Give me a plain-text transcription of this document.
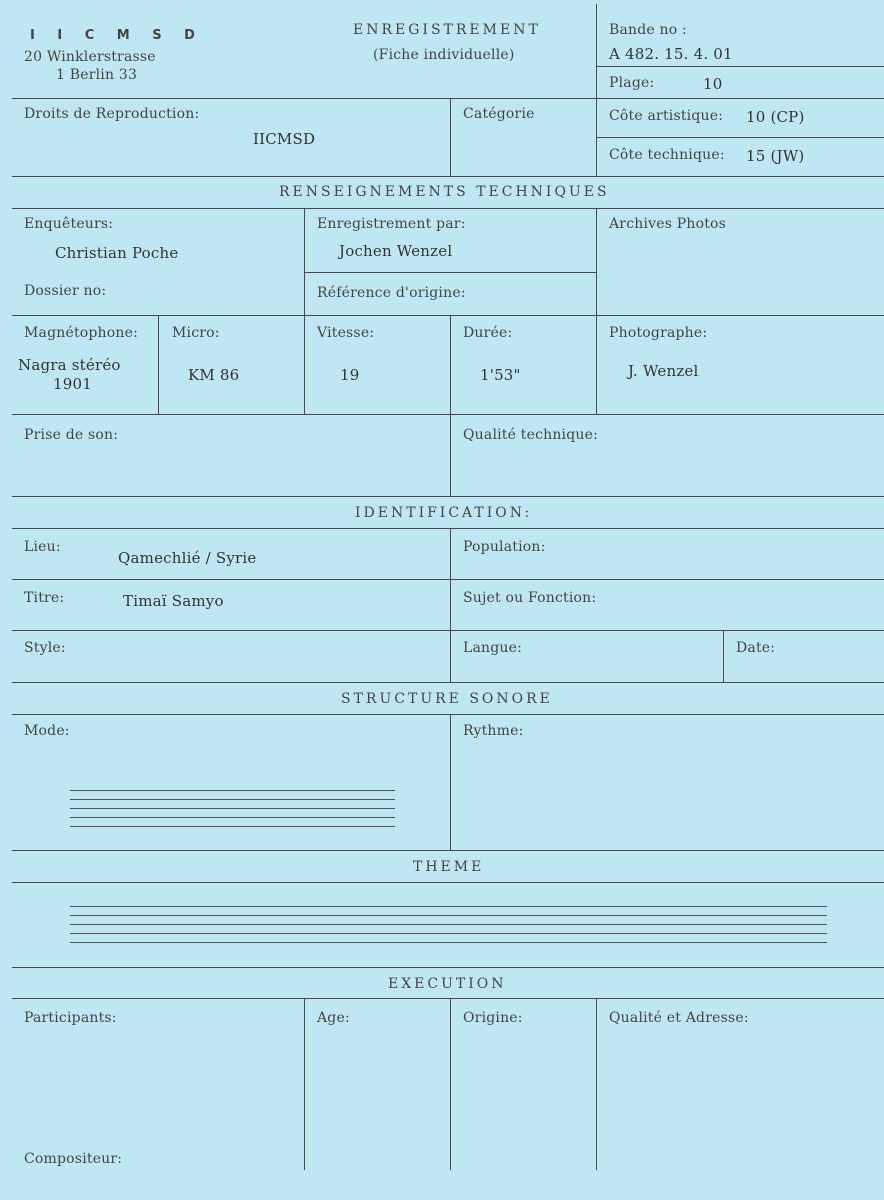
I I C M S D
20 Winklerstrasse
1 Berlin 33
ENREGISTREMENT
(Fiche individuelle)
Bande no :
A 482. 15. 4. 01
Plage:	10
Droits de Reproduction:
IICMSD
Catégorie	Côte artistique: 10 (CP)
Côte technique: 15 (JW)
RENSEIGNEMENTS TECHNIQUES
Enquêteurs:
Christian Poche
Enregistrement par:
Jochen Wenzel
Archives Photos
Dossier no:	Référence d'origine:
Magnétophone:
Nagra stéréo
1901
Micro:
KM 86
Vitesse:
19
Durée:
1'53"
Photographe:
J. Wenzel
Prise de son:	Qualité technique:
IDENTIFICATION:
Lieu:
Qamechlié / Syrie
Population:
Titre:	Timaï Samyo	Sujet ou Fonction:
Style:	Langue:	Date:
STRUCTURE SONORE
Mode:	Rythme:
THEME
EXECUTION
Participants:	Age:	Origine:	Qualité et Adresse:
Compositeur:
